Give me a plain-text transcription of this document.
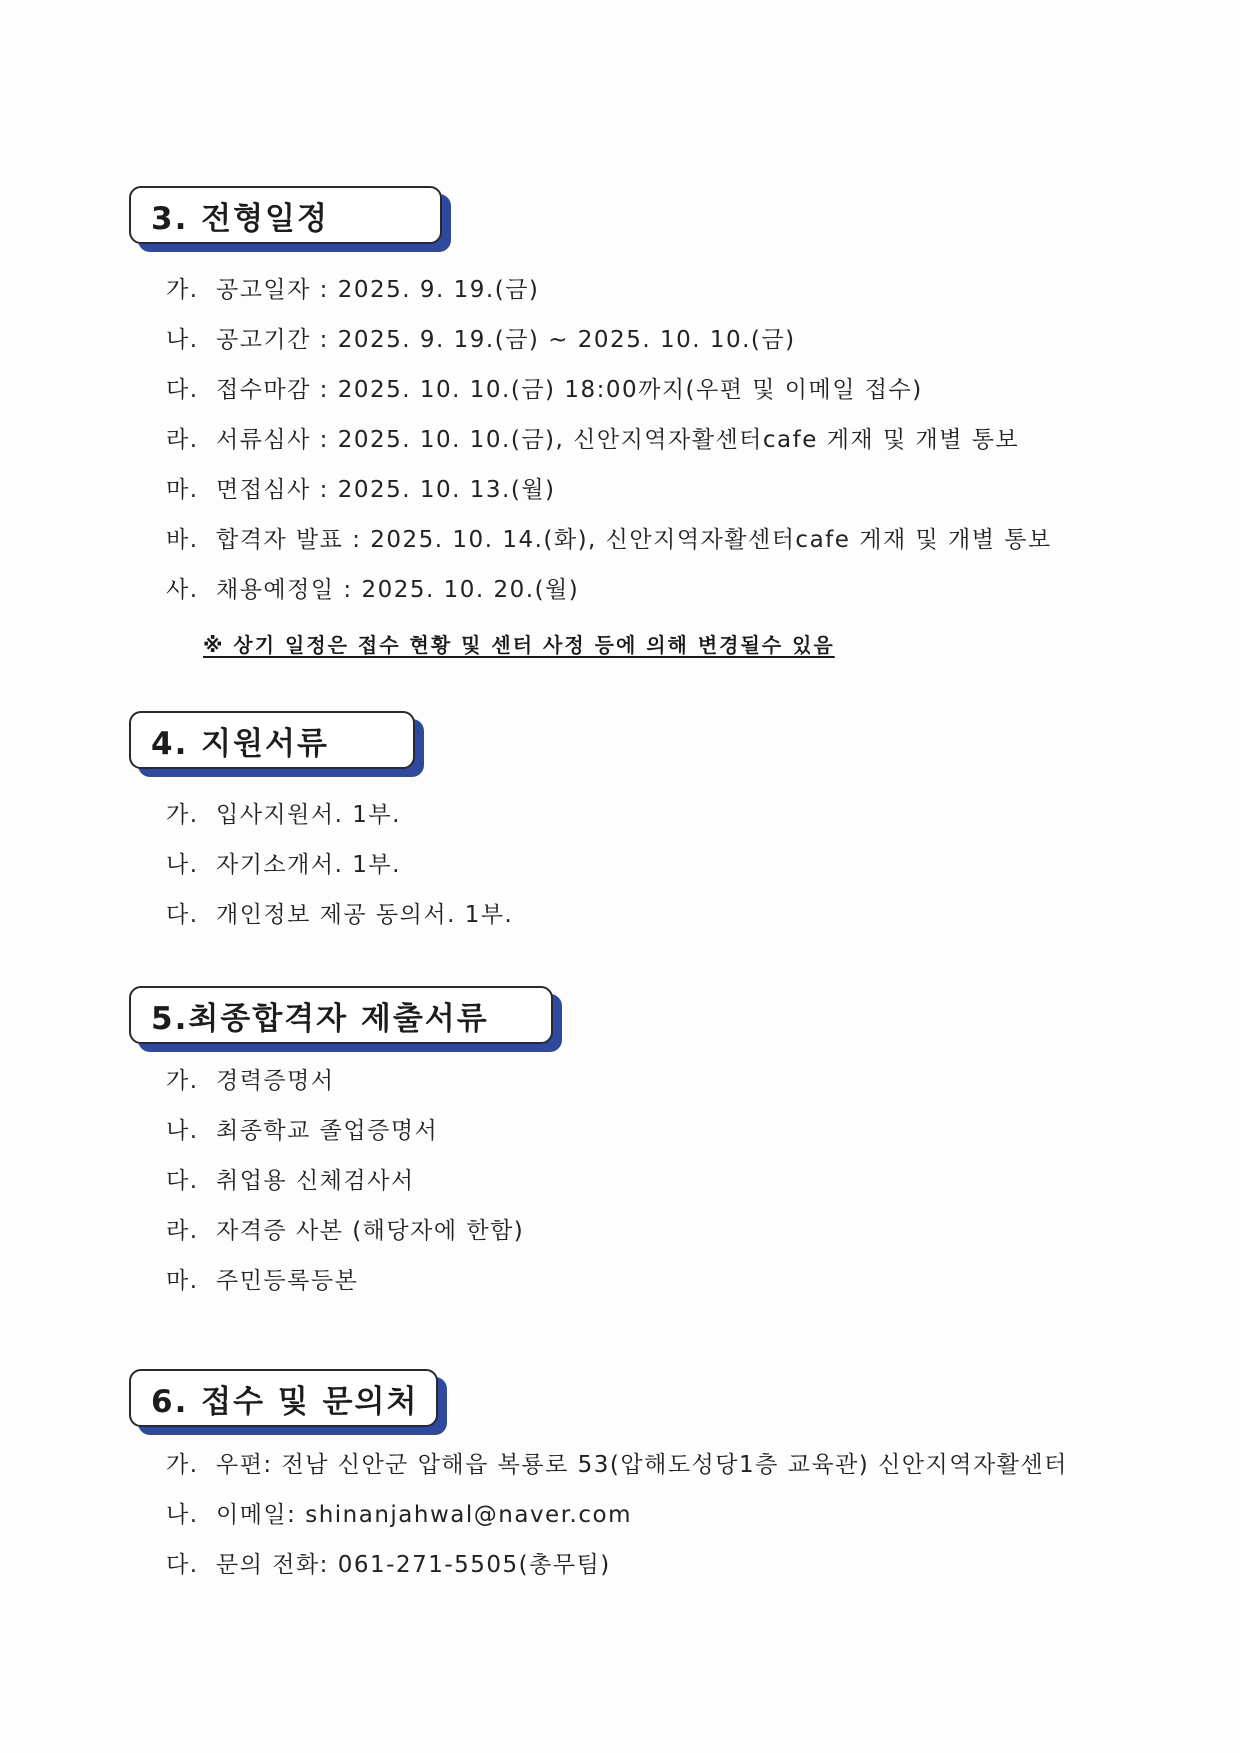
3. 전형일정
가. 공고일자 : 2025. 9. 19.(금)
나. 공고기간 : 2025. 9. 19.(금) ~ 2025. 10. 10.(금)
다. 접수마감 : 2025. 10. 10.(금) 18:00까지(우편 및 이메일 접수)
라. 서류심사 : 2025. 10. 10.(금), 신안지역자활센터cafe 게재 및 개별 통보
마. 면접심사 : 2025. 10. 13.(월)
바. 합격자 발표 : 2025. 10. 14.(화), 신안지역자활센터cafe 게재 및 개별 통보
사. 채용예정일 : 2025. 10. 20.(월)
※ 상기 일정은 접수 현황 및 센터 사정 등에 의해 변경될수 있음
4. 지원서류
가. 입사지원서. 1부.
나. 자기소개서. 1부.
다. 개인정보 제공 동의서. 1부.
5.최종합격자 제출서류
가. 경력증명서
나. 최종학교 졸업증명서
다. 취업용 신체검사서
라. 자격증 사본 (해당자에 한함)
마. 주민등록등본
6. 접수 및 문의처
가. 우편: 전남 신안군 압해읍 복룡로 53(압해도성당1층 교육관) 신안지역자활센터
나. 이메일: shinanjahwal@naver.com
다. 문의 전화: 061-271-5505(총무팀)
